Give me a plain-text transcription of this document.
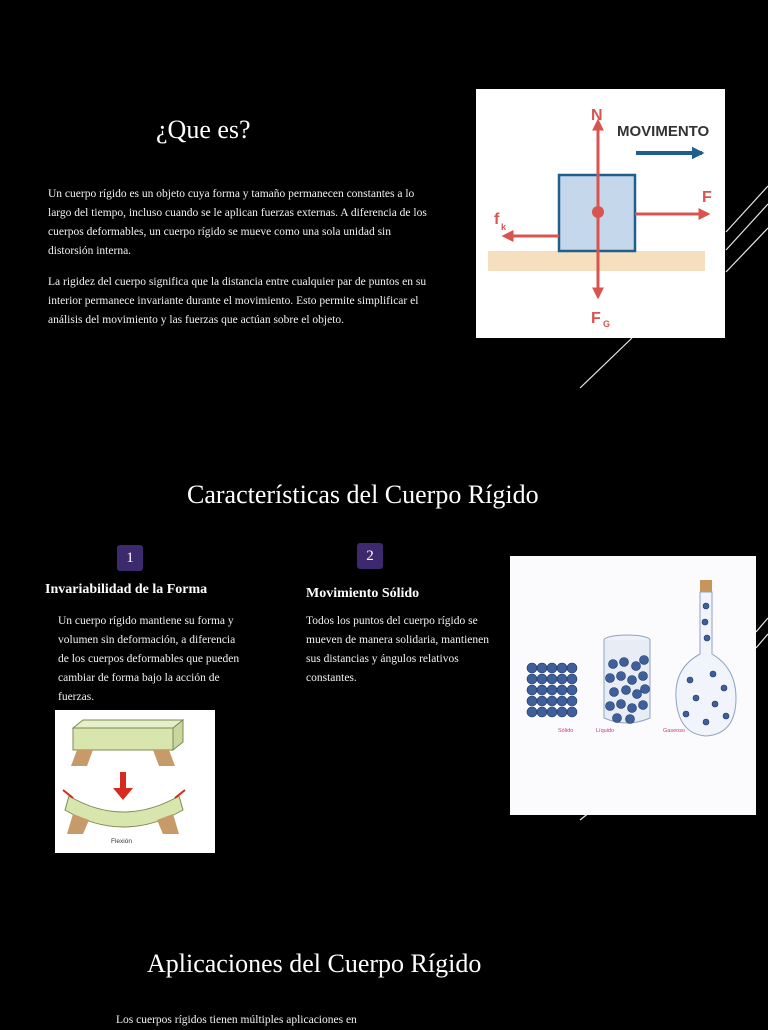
¿Que es?

Un cuerpo rígido es un objeto cuya forma y tamaño permanecen constantes a lo largo del tiempo, incluso cuando se le aplican fuerzas externas. A diferencia de los cuerpos deformables, un cuerpo rígido se mueve como una sola unidad sin distorsión interna.

La rigidez del cuerpo significa que la distancia entre cualquier par de puntos en su interior permanece invariante durante el movimiento. Esto permite simplificar el análisis del movimiento y las fuerzas que actúan sobre el objeto.

MOVIMENTO
N
F
f k
F G
Características del Cuerpo Rígido
1
Invariabilidad de la Forma

Un cuerpo rígido mantiene su forma y volumen sin deformación, a diferencia de los cuerpos deformables que pueden cambiar de forma bajo la acción de fuerzas.

2
Movimiento Sólido

Todos los puntos del cuerpo rígido se mueven de manera solidaria, mantienen sus distancias y ángulos relativos constantes.

Flexión
Sólido	Líquido	Gaseoso
Aplicaciones del Cuerpo Rígido

Los cuerpos rígidos tienen múltiples aplicaciones en
